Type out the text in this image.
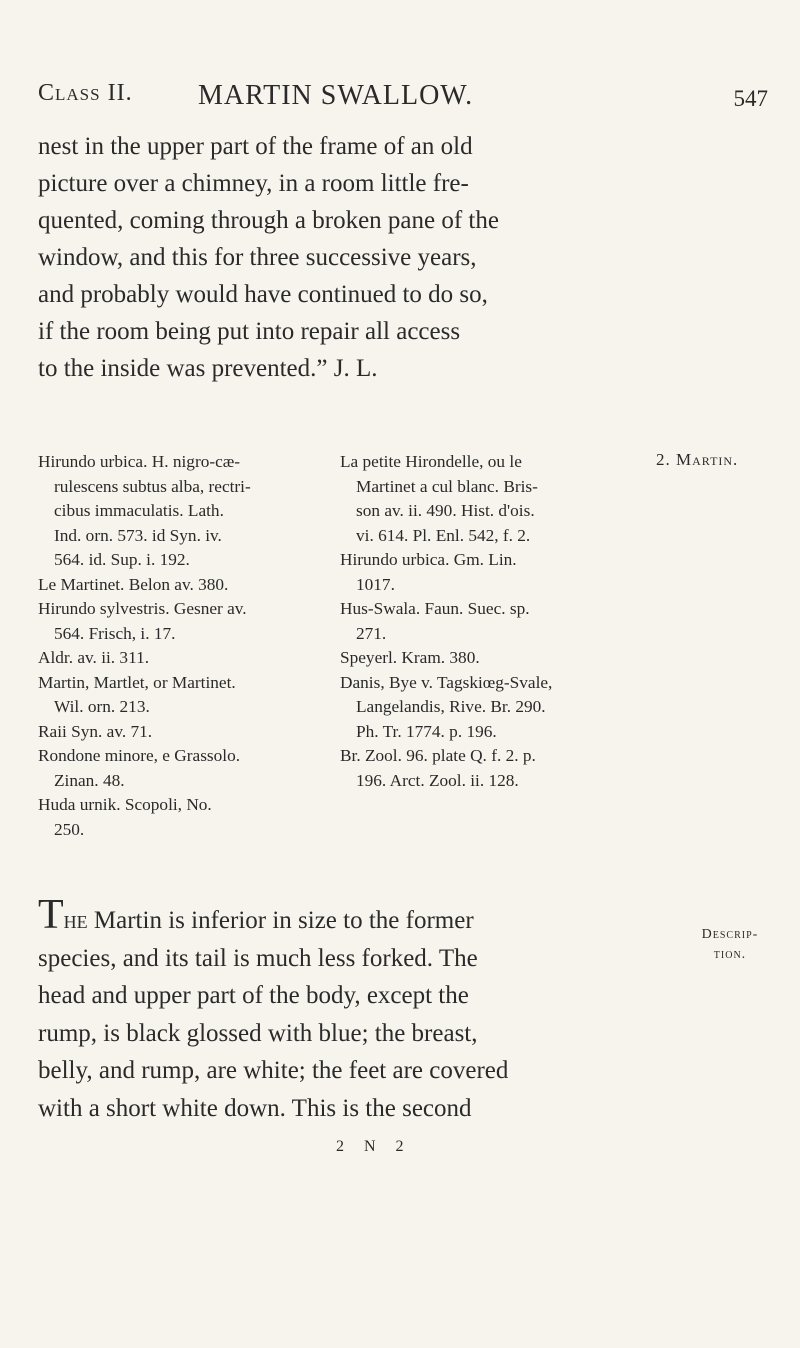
Class II. MARTIN SWALLOW.	547
nest in the upper part of the frame of an old
picture over a chimney, in a room little fre-
quented, coming through a broken pane of the
window, and this for three successive years,
and probably would have continued to do so,
if the room being put into repair all access
to the inside was prevented.” J. L.
Hirundo urbica. H. nigro-cæ-
rulescens subtus alba, rectri-
cibus immaculatis. Lath.
Ind. orn. 573. id Syn. iv.
564. id. Sup. i. 192.
Le Martinet. Belon av. 380.
Hirundo sylvestris. Gesner av.
564. Frisch, i. 17.
Aldr. av. ii. 311.
Martin, Martlet, or Martinet.
Wil. orn. 213.
Raii Syn. av. 71.
Rondone minore, e Grassolo.
Zinan. 48.
Huda urnik. Scopoli, No.
250.
La petite Hirondelle, ou le
Martinet a cul blanc. Bris-
son av. ii. 490. Hist. d'ois.
vi. 614. Pl. Enl. 542, f. 2.
Hirundo urbica. Gm. Lin.
1017.
Hus-Swala. Faun. Suec. sp.
271.
Speyerl. Kram. 380.
Danis, Bye v. Tagskiœg-Svale,
Langelandis, Rive. Br. 290.
Ph. Tr. 1774. p. 196.
Br. Zool. 96. plate Q. f. 2. p.
196. Arct. Zool. ii. 128.
2. Martin.
Descrip-
tion.
The Martin is inferior in size to the former
species, and its tail is much less forked. The
head and upper part of the body, except the
rump, is black glossed with blue; the breast,
belly, and rump, are white; the feet are covered
with a short white down. This is the second
2 N 2
